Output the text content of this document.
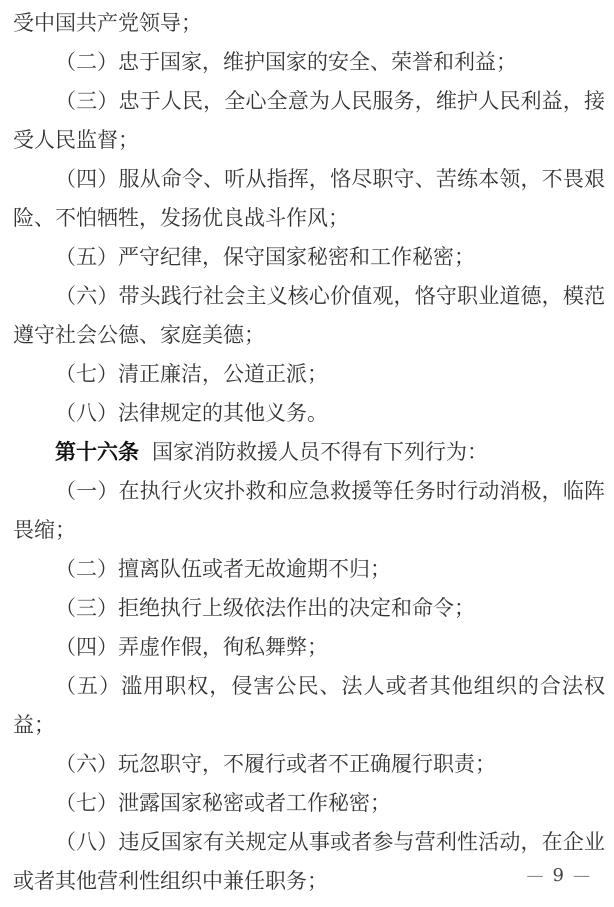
受中国共产党领导；
（二）忠于国家，维护国家的安全、荣誉和利益；
（三）忠于人民，全心全意为人民服务，维护人民利益，接受人民监督；
（四）服从命令、听从指挥，恪尽职守、苦练本领，不畏艰险、不怕牺牲，发扬优良战斗作风；
（五）严守纪律，保守国家秘密和工作秘密；
（六）带头践行社会主义核心价值观，恪守职业道德，模范遵守社会公德、家庭美德；
（七）清正廉洁，公道正派；
（八）法律规定的其他义务。
第十六条 国家消防救援人员不得有下列行为：
（一）在执行火灾扑救和应急救援等任务时行动消极，临阵畏缩；
（二）擅离队伍或者无故逾期不归；
（三）拒绝执行上级依法作出的决定和命令；
（四）弄虚作假，徇私舞弊；
（五）滥用职权，侵害公民、法人或者其他组织的合法权益；
（六）玩忽职守，不履行或者不正确履行职责；
（七）泄露国家秘密或者工作秘密；
（八）违反国家有关规定从事或者参与营利性活动，在企业或者其他营利性组织中兼任职务；	— 9 —
